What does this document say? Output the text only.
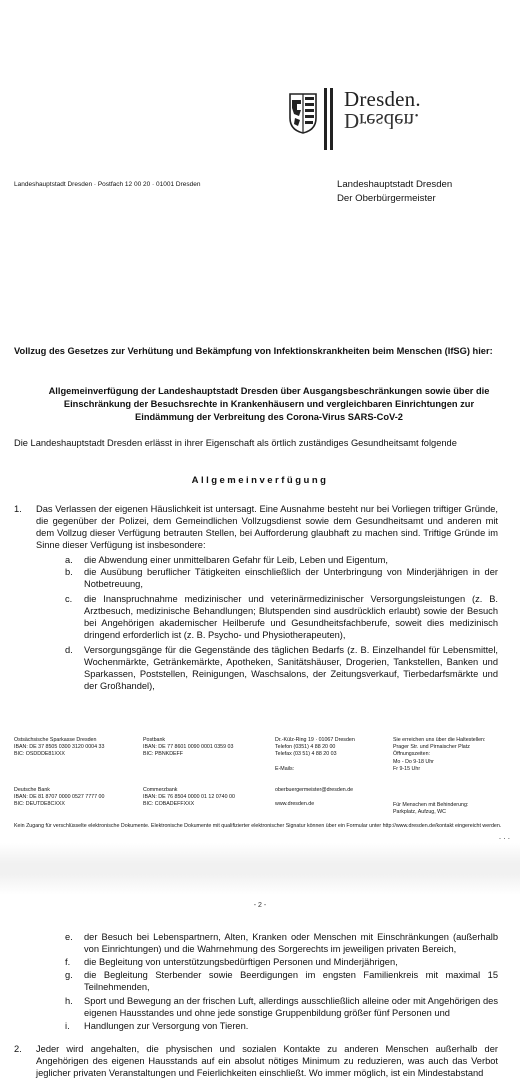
Dresden.
Dresden.
Landeshauptstadt Dresden · Postfach 12 00 20 · 01001 Dresden	Landeshauptstadt Dresden
Der Oberbürgermeister
Vollzug des Gesetzes zur Verhütung und Bekämpfung von Infektionskrankheiten beim Menschen (IfSG) hier:
Allgemeinverfügung der Landeshauptstadt Dresden über Ausgangsbeschränkungen sowie über die Einschränkung der Besuchsrechte in Krankenhäusern und vergleichbaren Einrichtungen zur Eindämmung der Verbreitung des Corona-Virus SARS-CoV-2
Die Landeshauptstadt Dresden erlässt in ihrer Eigenschaft als örtlich zuständiges Gesundheitsamt folgende
Allgemeinverfügung
1. Das Verlassen der eigenen Häuslichkeit ist untersagt. Eine Ausnahme besteht nur bei Vorliegen triftiger Gründe, die gegenüber der Polizei, dem Gemeindlichen Vollzugsdienst sowie dem Gesundheitsamt und anderen mit dem Vollzug dieser Verfügung betrauten Stellen, bei Aufforderung glaubhaft zu machen sind. Triftige Gründe im Sinne dieser Verfügung ist insbesondere:
a. die Abwendung einer unmittelbaren Gefahr für Leib, Leben und Eigentum,
b. die Ausübung beruflicher Tätigkeiten einschließlich der Unterbringung von Minderjährigen in der Notbetreuung,
c. die Inanspruchnahme medizinischer und veterinärmedizinischer Versorgungsleistungen (z. B. Arztbesuch, medizinische Behandlungen; Blutspenden sind ausdrücklich erlaubt) sowie der Besuch bei Angehörigen akademischer Heilberufe und Gesundheitsfachberufe, soweit dies medizinisch dringend erforderlich ist (z. B. Psycho- und Physiotherapeuten),
d. Versorgungsgänge für die Gegenstände des täglichen Bedarfs (z. B. Einzelhandel für Lebensmittel, Wochenmärkte, Getränkemärkte, Apotheken, Sanitätshäuser, Drogerien, Tankstellen, Banken und Sparkassen, Poststellen, Reinigungen, Waschsalons, der Zeitungsverkauf, Tierbedarfsmärkte und der Großhandel),
Ostsächsische Sparkasse Dresden
IBAN: DE 37 8505 0300 3120 0004 33
BIC: OSDDDE81XXX
Deutsche Bank
IBAN: DE 81 8707 0000 0527 7777 00
BIC: DEUTDE8CXXX
Postbank
IBAN: DE 77 8601 0090 0001 0359 03
BIC: PBNKDEFF
Commerzbank
IBAN: DE 76 8504 0000 01 12 0740 00
BIC: COBADEFFXXX
Dr.-Külz-Ring 19 · 01067 Dresden
Telefon (0351) 4 88 20 00
Telefax (03 51) 4 88 20 03

E-Mails:
oberbuergermeister@dresden.de

www.dresden.de
Sie erreichen uns über die Haltestellen:
Prager Str. und Pirnaischer Platz
Öffnungszeiten:
Mo - Do 9-18 Uhr
Fr 9-15 Uhr

Für Menschen mit Behinderung:
Parkplatz, Aufzug, WC
Kein Zugang für verschlüsselte elektronische Dokumente. Elektronische Dokumente mit qualifizierter elektronischer Signatur können über ein Formular unter http://www.dresden.de/kontakt eingereicht werden.
. . .
- 2 -
e. der Besuch bei Lebenspartnern, Alten, Kranken oder Menschen mit Einschränkungen (außerhalb von Einrichtungen) und die Wahrnehmung des Sorgerechts im jeweiligen privaten Bereich,
f. die Begleitung von unterstützungsbedürftigen Personen und Minderjährigen,
g. die Begleitung Sterbender sowie Beerdigungen im engsten Familienkreis mit maximal 15 Teilnehmenden,
h. Sport und Bewegung an der frischen Luft, allerdings ausschließlich alleine oder mit Angehörigen des eigenen Hausstandes und ohne jede sonstige Gruppenbildung größer fünf Personen und
i. Handlungen zur Versorgung von Tieren.
2. Jeder wird angehalten, die physischen und sozialen Kontakte zu anderen Menschen außerhalb der Angehörigen des eigenen Hausstands auf ein absolut nötiges Minimum zu reduzieren, was auch das Verbot jeglicher privaten Veranstaltungen und Feierlichkeiten einschließt. Wo immer möglich, ist ein Mindestabstand
